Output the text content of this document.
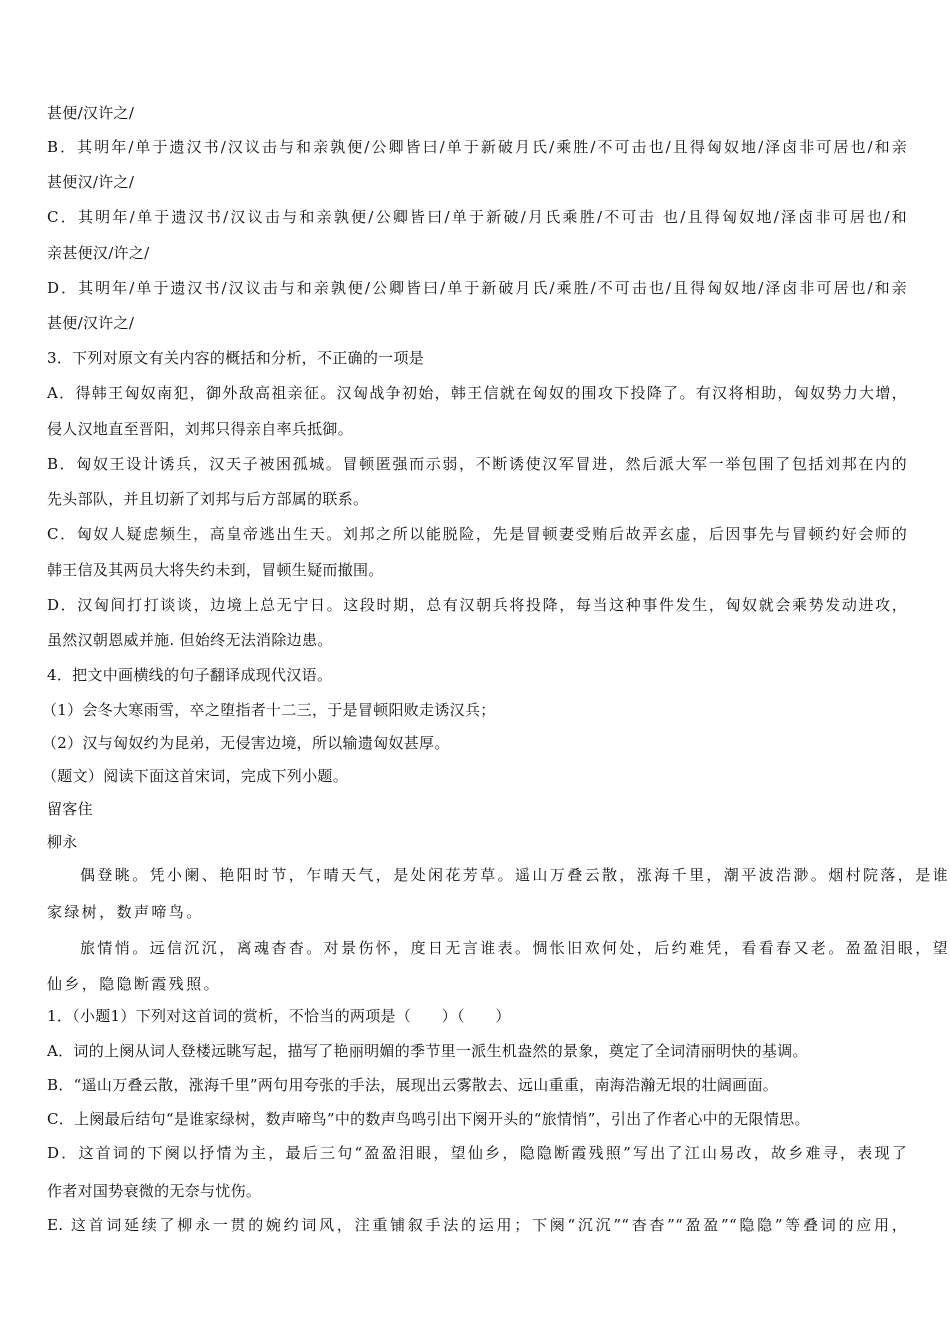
甚便/汉许之/
B．其明年/单于遗汉书/汉议击与和亲孰便/公卿皆曰/单于新破月氏/乘胜/不可击也/且得匈奴地/泽卤非可居也/和亲
甚便汉/许之/
C．其明年/单于遗汉书/汉议击与和亲孰便/公卿皆曰/单于新破/月氏乘胜/不可击 也/且得匈奴地/泽卤非可居也/和
亲甚便汉/许之/
D．其明年/单于遗汉书/汉议击与和亲孰便/公卿皆曰/单于新破月氏/乘胜/不可击也/且得匈奴地/泽卤非可居也/和亲
甚便/汉许之/
3．下列对原文有关内容的概括和分析，不正确的一项是
A．得韩王匈奴南犯，御外敌高祖亲征。汉匈战争初始，韩王信就在匈奴的围攻下投降了。有汉将相助，匈奴势力大增，
侵人汉地直至晋阳，刘邦只得亲自率兵抵御。
B．匈奴王设计诱兵，汉天子被困孤城。冒顿匿强而示弱，不断诱使汉军冒进，然后派大军一举包围了包括刘邦在内的
先头部队，并且切新了刘邦与后方部属的联系。
C．匈奴人疑虑频生，高皇帝逃出生天。刘邦之所以能脱险，先是冒顿妻受贿后故弄玄虚，后因事先与冒顿约好会师的
韩王信及其两员大将失约未到，冒顿生疑而撤围。
D．汉匈间打打谈谈，边境上总无宁日。这段时期，总有汉朝兵将投降，每当这种事件发生，匈奴就会乘势发动进攻，
虽然汉朝恩威并施. 但始终无法消除边患。
4．把文中画横线的句子翻译成现代汉语。
（1）会冬大寒雨雪，卒之堕指者十二三，于是冒顿阳败走诱汉兵；
（2）汉与匈奴约为昆弟，无侵害边境，所以输遗匈奴甚厚。
（题文）阅读下面这首宋词，完成下列小题。
留客住
柳永
偶登眺。凭小阑、艳阳时节，乍晴天气，是处闲花芳草。遥山万叠云散，涨海千里，潮平波浩渺。烟村院落，是谁
家绿树，数声啼鸟。
旅情悄。远信沉沉，离魂杳杳。对景伤怀，度日无言谁表。惆怅旧欢何处，后约难凭，看看春又老。盈盈泪眼，望
仙乡，隐隐断霞残照。
1．（小题1）下列对这首词的赏析，不恰当的两项是（　　）（　　）
A．词的上阕从词人登楼远眺写起，描写了艳丽明媚的季节里一派生机盎然的景象，奠定了全词清丽明快的基调。
B．“遥山万叠云散，涨海千里”两句用夸张的手法，展现出云雾散去、远山重重，南海浩瀚无垠的壮阔画面。
C．上阕最后结句“是谁家绿树，数声啼鸟”中的数声鸟鸣引出下阕开头的“旅情悄”，引出了作者心中的无限情思。
D．这首词的下阕以抒情为主，最后三句“盈盈泪眼，望仙乡，隐隐断霞残照”写出了江山易改，故乡难寻，表现了
作者对国势衰微的无奈与忧伤。
E. 这首词延续了柳永一贯的婉约词风，注重铺叙手法的运用；下阕“沉沉”“杳杳”“盈盈”“隐隐”等叠词的应用，
